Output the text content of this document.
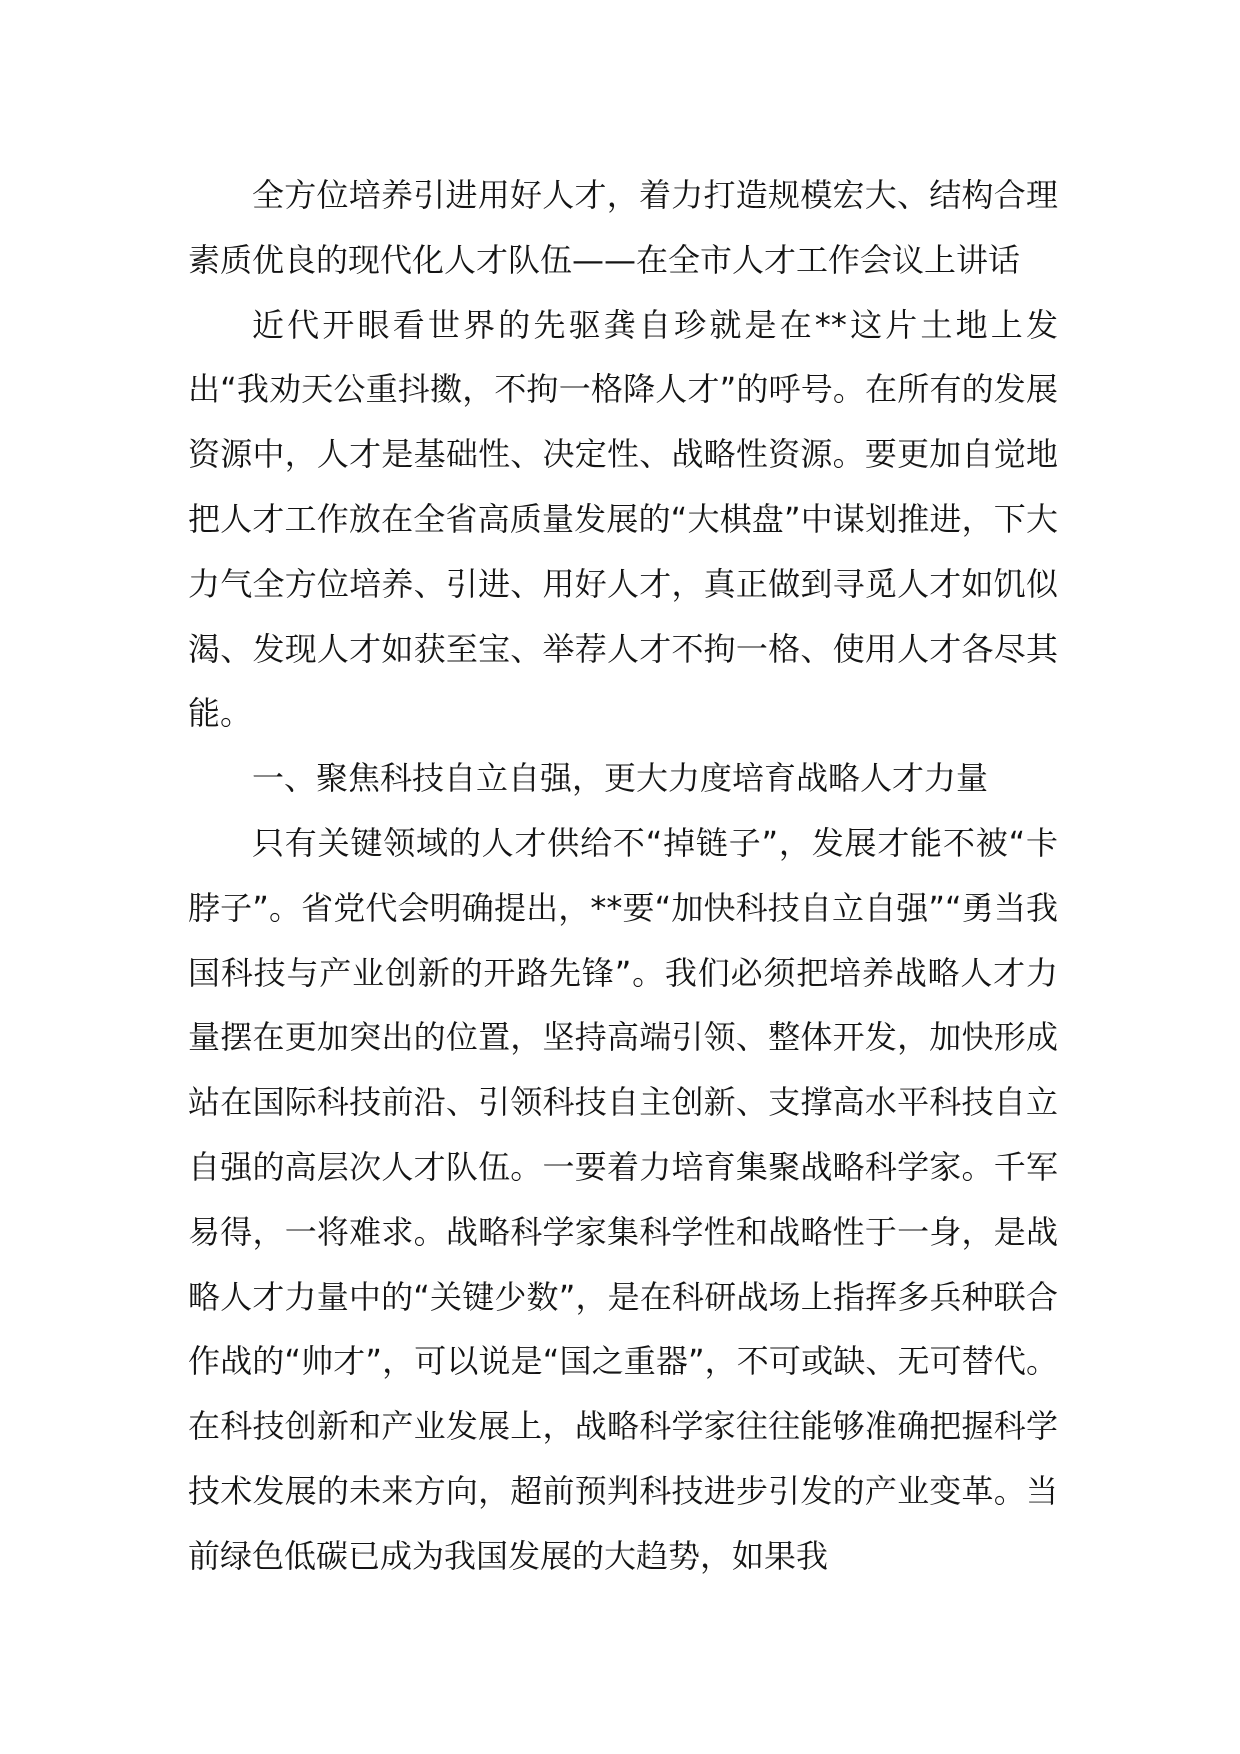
全方位培养引进用好人才，着力打造规模宏大、结构合理素质优良的现代化人才队伍——在全市人才工作会议上讲话

近代开眼看世界的先驱龚自珍就是在**这片土地上发出“我劝天公重抖擞，不拘一格降人才”的呼号。在所有的发展资源中，人才是基础性、决定性、战略性资源。要更加自觉地把人才工作放在全省高质量发展的“大棋盘”中谋划推进，下大力气全方位培养、引进、用好人才，真正做到寻觅人才如饥似渴、发现人才如获至宝、举荐人才不拘一格、使用人才各尽其能。

一、聚焦科技自立自强，更大力度培育战略人才力量

只有关键领域的人才供给不“掉链子”，发展才能不被“卡脖子”。省党代会明确提出，**要“加快科技自立自强”“勇当我国科技与产业创新的开路先锋”。我们必须把培养战略人才力量摆在更加突出的位置，坚持高端引领、整体开发，加快形成站在国际科技前沿、引领科技自主创新、支撑高水平科技自立自强的高层次人才队伍。一要着力培育集聚战略科学家。千军易得，一将难求。战略科学家集科学性和战略性于一身，是战略人才力量中的“关键少数”，是在科研战场上指挥多兵种联合作战的“帅才”，可以说是“国之重器”，不可或缺、无可替代。在科技创新和产业发展上，战略科学家往往能够准确把握科学技术发展的未来方向，超前预判科技进步引发的产业变革。当前绿色低碳已成为我国发展的大趋势，如果我
